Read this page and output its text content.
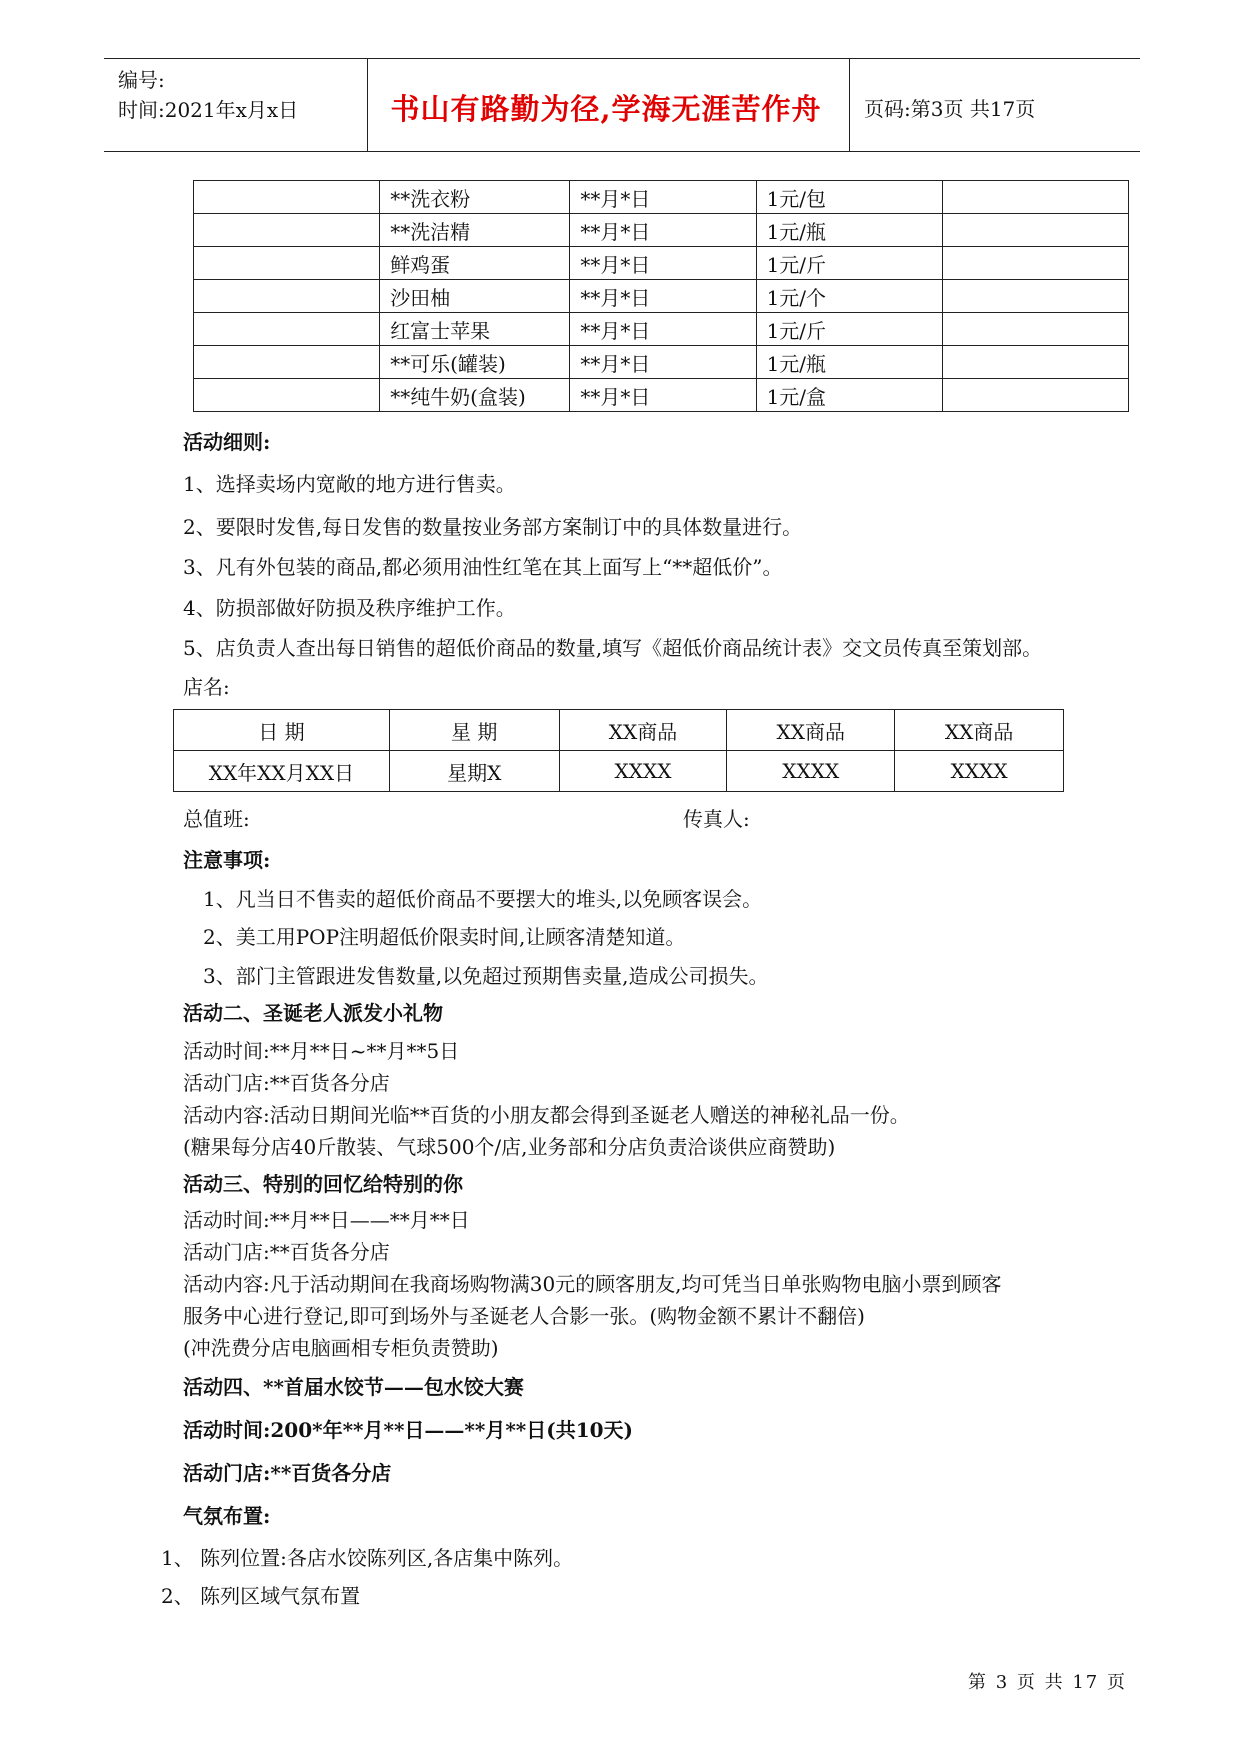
编号:
时间:2021年x月x日	书山有路勤为径,学海无涯苦作舟	页码:第3页 共17页
	**洗衣粉	**月*日	1元/包	
	**洗洁精	**月*日	1元/瓶	
	鲜鸡蛋	**月*日	1元/斤	
	沙田柚	**月*日	1元/个	
	红富士苹果	**月*日	1元/斤	
	**可乐(罐装)	**月*日	1元/瓶	
	**纯牛奶(盒装)	**月*日	1元/盒	
活动细则:
1、选择卖场内宽敞的地方进行售卖。
2、要限时发售,每日发售的数量按业务部方案制订中的具体数量进行。
3、凡有外包装的商品,都必须用油性红笔在其上面写上“**超低价”。
4、防损部做好防损及秩序维护工作。
5、店负责人查出每日销售的超低价商品的数量,填写《超低价商品统计表》交文员传真至策划部。
店名:
日 期	星 期	XX商品	XX商品	XX商品
XX年XX月XX日	星期X	XXXX	XXXX	XXXX
总值班:	传真人:
注意事项:
1、凡当日不售卖的超低价商品不要摆大的堆头,以免顾客误会。
2、美工用POP注明超低价限卖时间,让顾客清楚知道。
3、部门主管跟进发售数量,以免超过预期售卖量,造成公司损失。
活动二、圣诞老人派发小礼物
活动时间:**月**日~**月**5日
活动门店:**百货各分店
活动内容:活动日期间光临**百货的小朋友都会得到圣诞老人赠送的神秘礼品一份。
(糖果每分店40斤散装、气球500个/店,业务部和分店负责洽谈供应商赞助)
活动三、特别的回忆给特别的你
活动时间:**月**日——**月**日
活动门店:**百货各分店
活动内容:凡于活动期间在我商场购物满30元的顾客朋友,均可凭当日单张购物电脑小票到顾客
服务中心进行登记,即可到场外与圣诞老人合影一张。(购物金额不累计不翻倍)
(冲洗费分店电脑画相专柜负责赞助)
活动四、**首届水饺节——包水饺大赛
活动时间:200*年**月**日——**月**日(共10天)
活动门店:**百货各分店
气氛布置:
1、 陈列位置:各店水饺陈列区,各店集中陈列。
2、 陈列区域气氛布置
第 3 页 共 17 页
